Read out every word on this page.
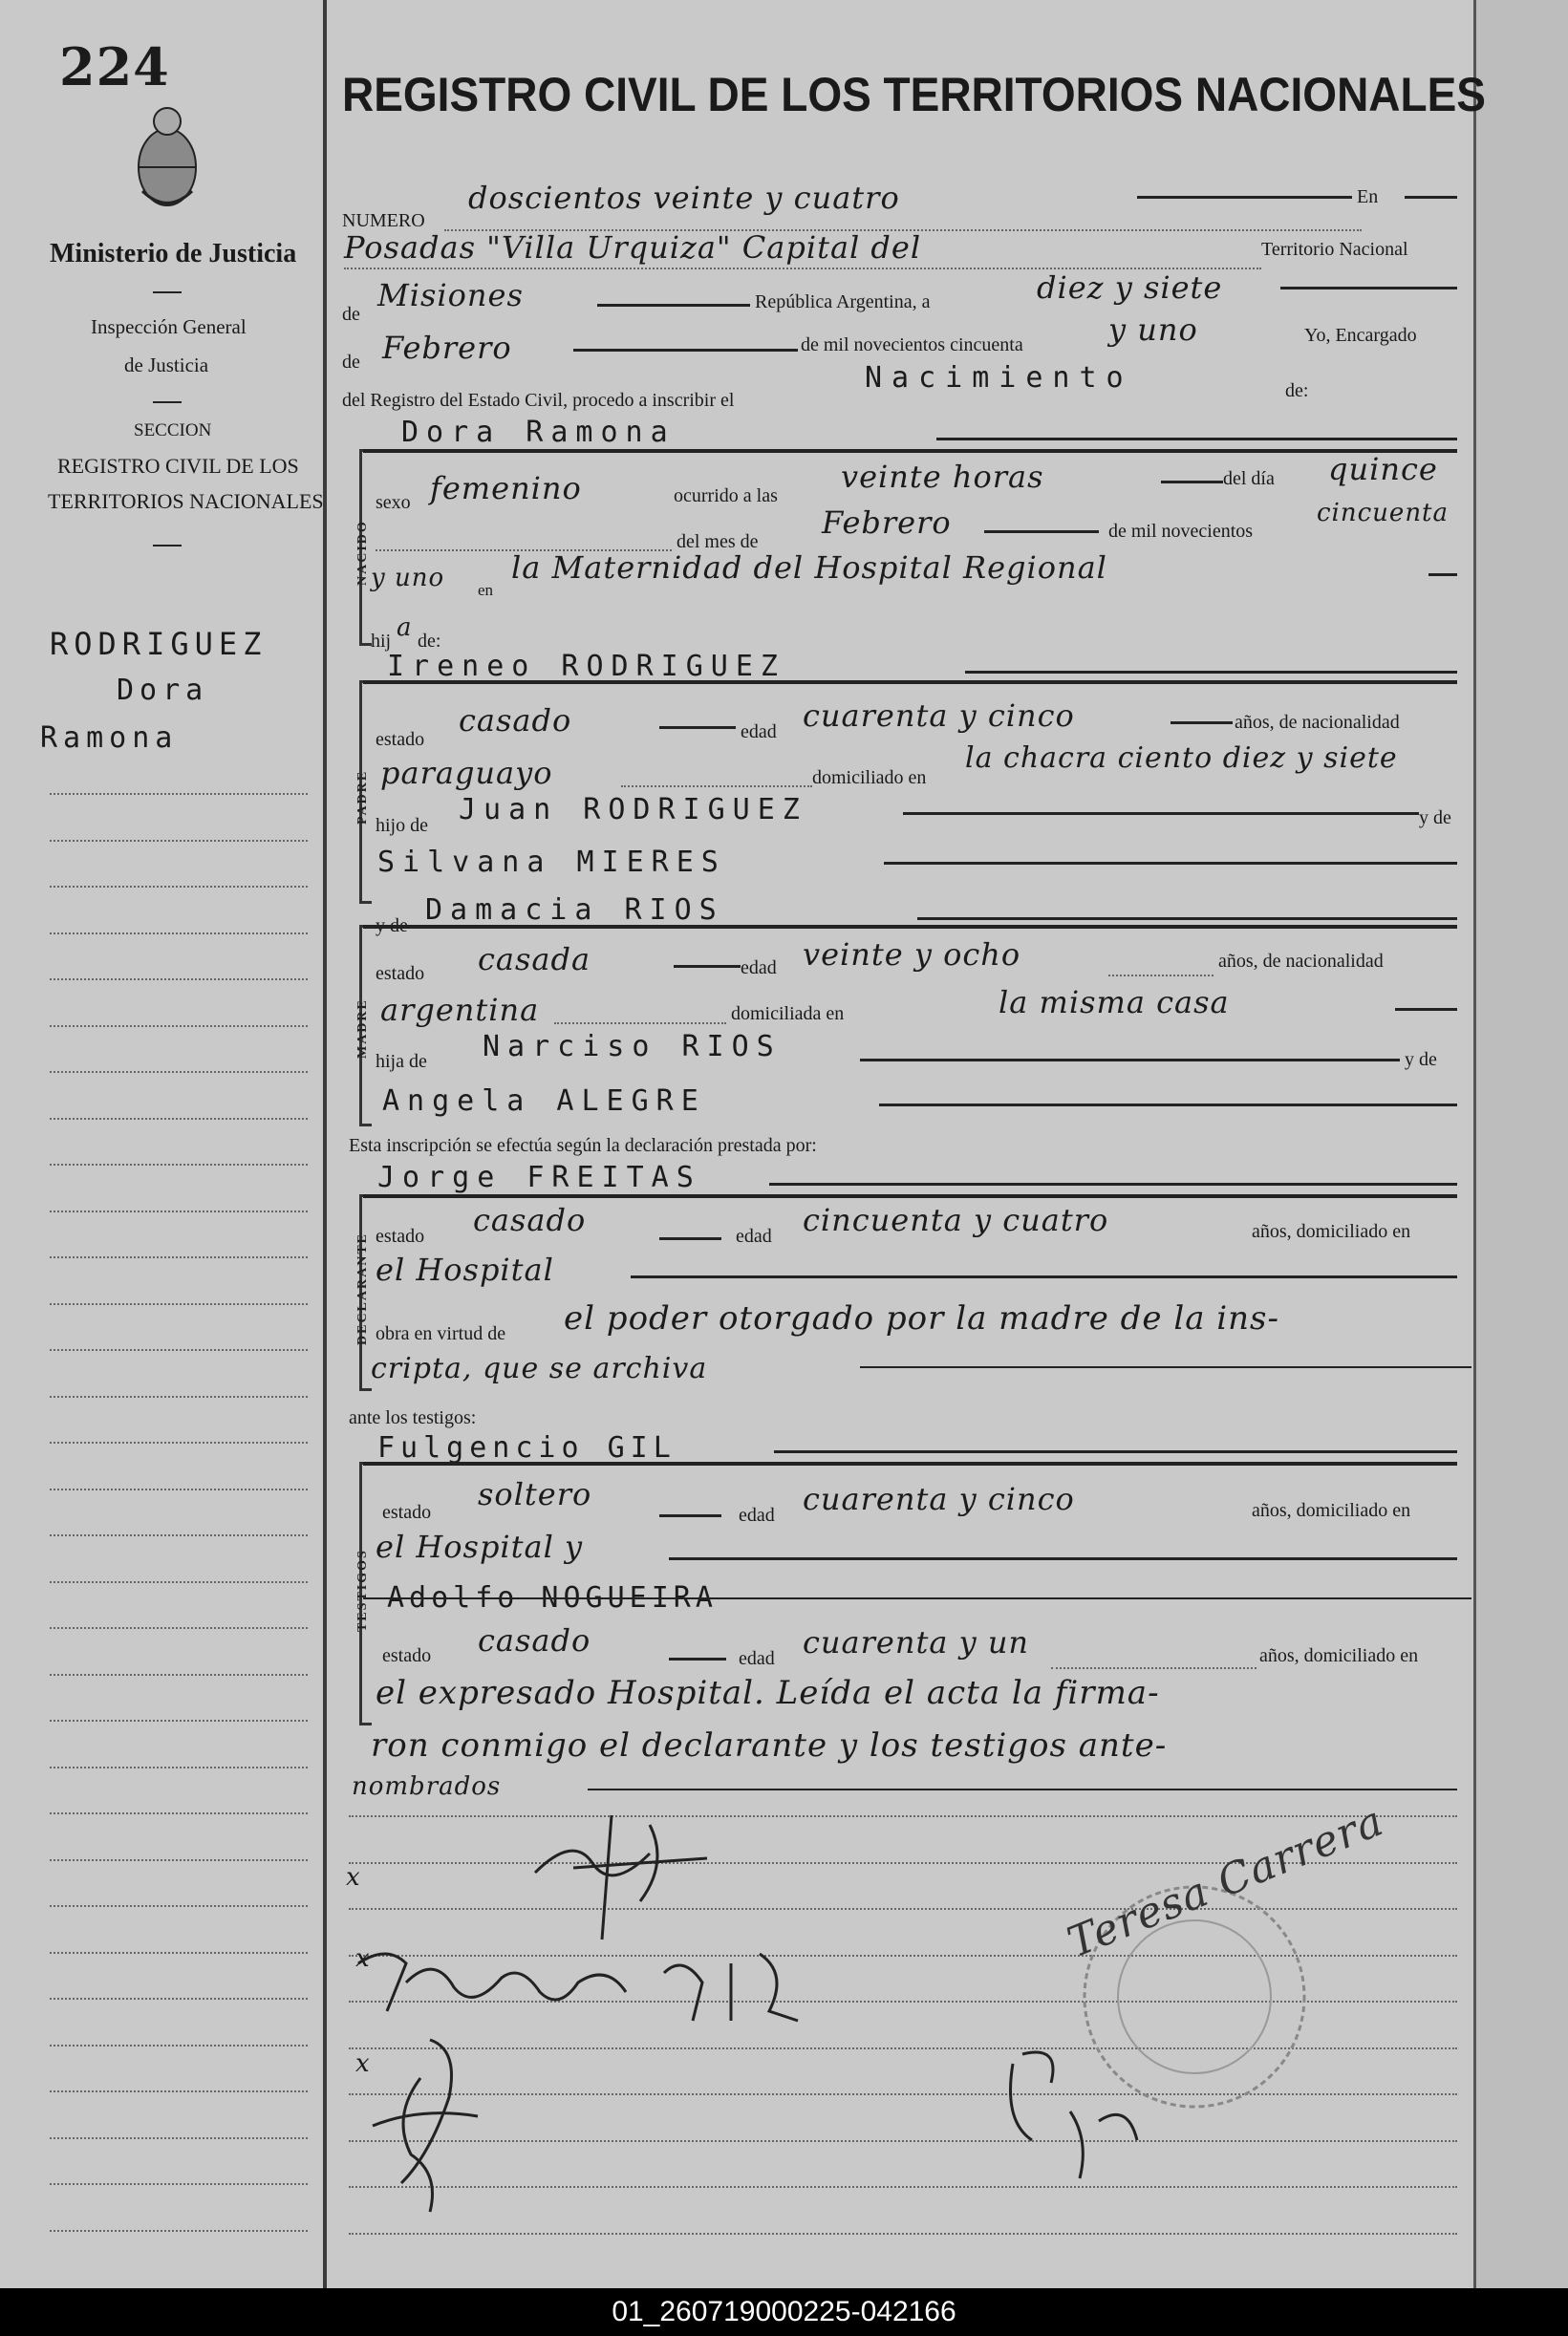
224
Ministerio de Justicia
Inspección General
de Justicia
SECCION
REGISTRO CIVIL DE LOS
TERRITORIOS NACIONALES
RODRIGUEZ
Dora
Ramona
REGISTRO CIVIL DE LOS TERRITORIOS NACIONALES
NUMERO
doscientos veinte y cuatro	En
Posadas "Villa Urquiza" Capital del	Territorio Nacional
de
Misiones	República Argentina, a	diez y siete
de Febrero	de mil novecientos cincuenta	y uno	Yo, Encargado
del Registro del Estado Civil, procedo a inscribir el
Nacimiento	de:
NACIDO
Dora Ramona
sexo femenino	ocurrido a las
veinte horas	del día quince
del mes de
Febrero	de mil novecientos
cincuenta
y uno en
la Maternidad del Hospital Regional
hij a de:
PADRE
Ireneo RODRIGUEZ
estado
casado	edad cuarenta y cinco	años, de nacionalidad
paraguayo	domiciliado en
la chacra ciento diez y siete
hijo de Juan RODRIGUEZ	y de
Silvana MIERES
y de
MADRE
Damacia RIOS
estado casada	edad veinte y ocho	años, de nacionalidad
argentina	domiciliada en	la misma casa
hija de Narciso RIOS	y de
Angela ALEGRE
Esta inscripción se efectúa según la declaración prestada por:
DECLARANTE
Jorge FREITAS
estado casado	edad cincuenta y cuatro	años, domiciliado en
el Hospital
obra en virtud de el poder otorgado por la madre de la ins-
cripta, que se archiva
ante los testigos:
TESTIGOS
Fulgencio GIL
estado soltero
edad cuarenta y cinco	años, domiciliado en
el Hospital y
Adolfo NOGUEIRA
estado casado	edad cuarenta y un	años, domiciliado en
el expresado Hospital. Leída el acta la firma-
ron conmigo el declarante y los testigos ante-
nombrados
x
x
x
Teresa Carrera
01_260719000225-042166
